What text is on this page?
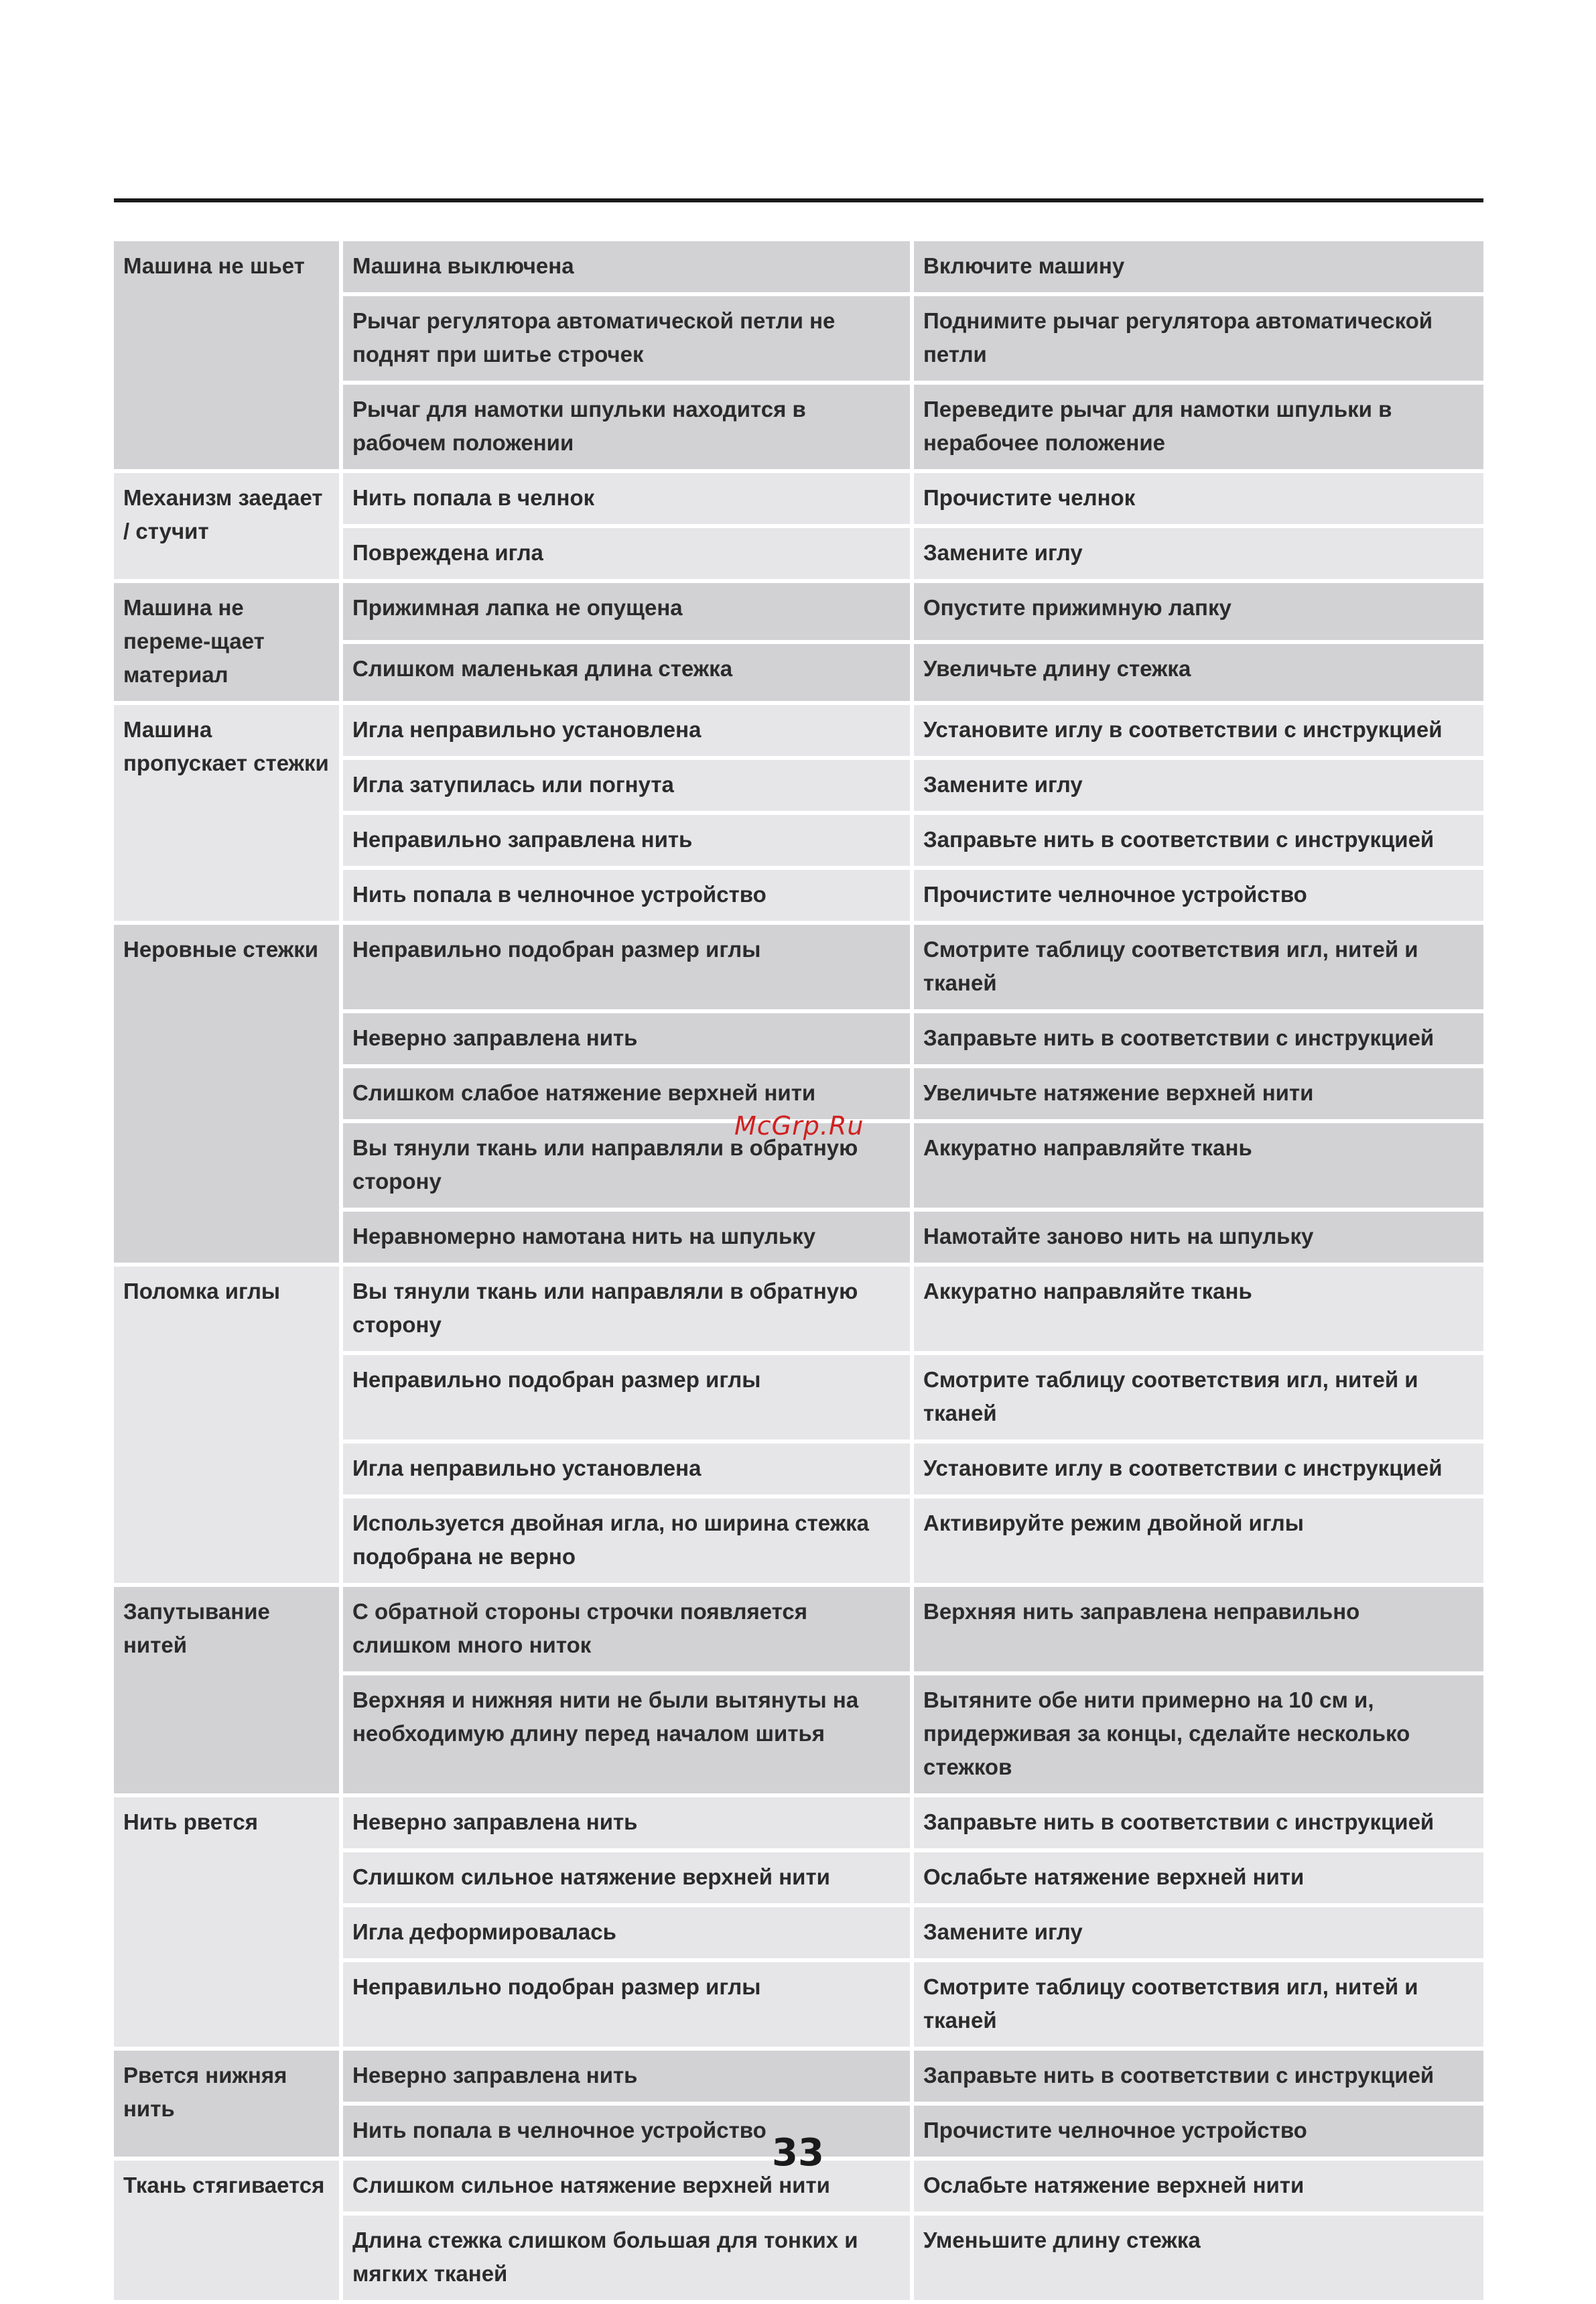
Машина не шьет	Машина выключена	Включите машину
	Рычаг регулятора автоматической петли не поднят при шитье строчек	Поднимите рычаг регулятора автоматической петли
	Рычаг для намотки шпульки находится в рабочем положении	Переведите рычаг для намотки шпульки в нерабочее положение
Механизм заедает / стучит	Нить попала в челнок	Прочистите челнок
	Повреждена игла	Замените иглу
Машина не переме-щает материал	Прижимная лапка не опущена	Опустите прижимную лапку
	Слишком маленькая длина стежка	Увеличьте длину стежка
Машина пропускает стежки	Игла неправильно установлена	Установите иглу в соответствии с инструкцией
	Игла затупилась или погнута	Замените иглу
	Неправильно заправлена нить	Заправьте нить в соответствии с инструкцией
	Нить попала в челночное устройство	Прочистите челночное устройство
Неровные стежки	Неправильно подобран размер иглы	Смотрите таблицу соответствия игл, нитей и тканей
	Неверно заправлена нить	Заправьте нить в соответствии с инструкцией
	Слишком слабое натяжение верхней нити	Увеличьте натяжение верхней нити
	Вы тянули ткань или направляли в обратную сторону	Аккуратно направляйте ткань
	Неравномерно намотана нить на шпульку	Намотайте заново нить на шпульку
Поломка иглы	Вы тянули ткань или направляли в обратную сторону	Аккуратно направляйте ткань
	Неправильно подобран размер иглы	Смотрите таблицу соответствия игл, нитей и тканей
	Игла неправильно установлена	Установите иглу в соответствии с инструкцией
	Используется двойная игла, но ширина стежка подобрана не верно	Активируйте режим двойной иглы
Запутывание нитей	С обратной стороны строчки появляется слишком много ниток	Верхняя нить заправлена неправильно
	Верхняя и нижняя нити не были вытянуты на необходимую длину перед началом шитья	Вытяните обе нити примерно на 10 см и, придерживая за концы, сделайте несколько стежков
Нить рвется	Неверно заправлена нить	Заправьте нить в соответствии с инструкцией
	Слишком сильное натяжение верхней нити	Ослабьте натяжение верхней нити
	Игла деформировалась	Замените иглу
	Неправильно подобран размер иглы	Смотрите таблицу соответствия игл, нитей и тканей
Рвется нижняя нить	Неверно заправлена нить	Заправьте нить в соответствии с инструкцией
	Нить попала в челночное устройство	Прочистите челночное устройство
Ткань стягивается	Слишком сильное натяжение верхней нити	Ослабьте натяжение верхней нити
	Длина стежка слишком большая для тонких и мягких тканей	Уменьшите длину стежка
McGrp.Ru
33
